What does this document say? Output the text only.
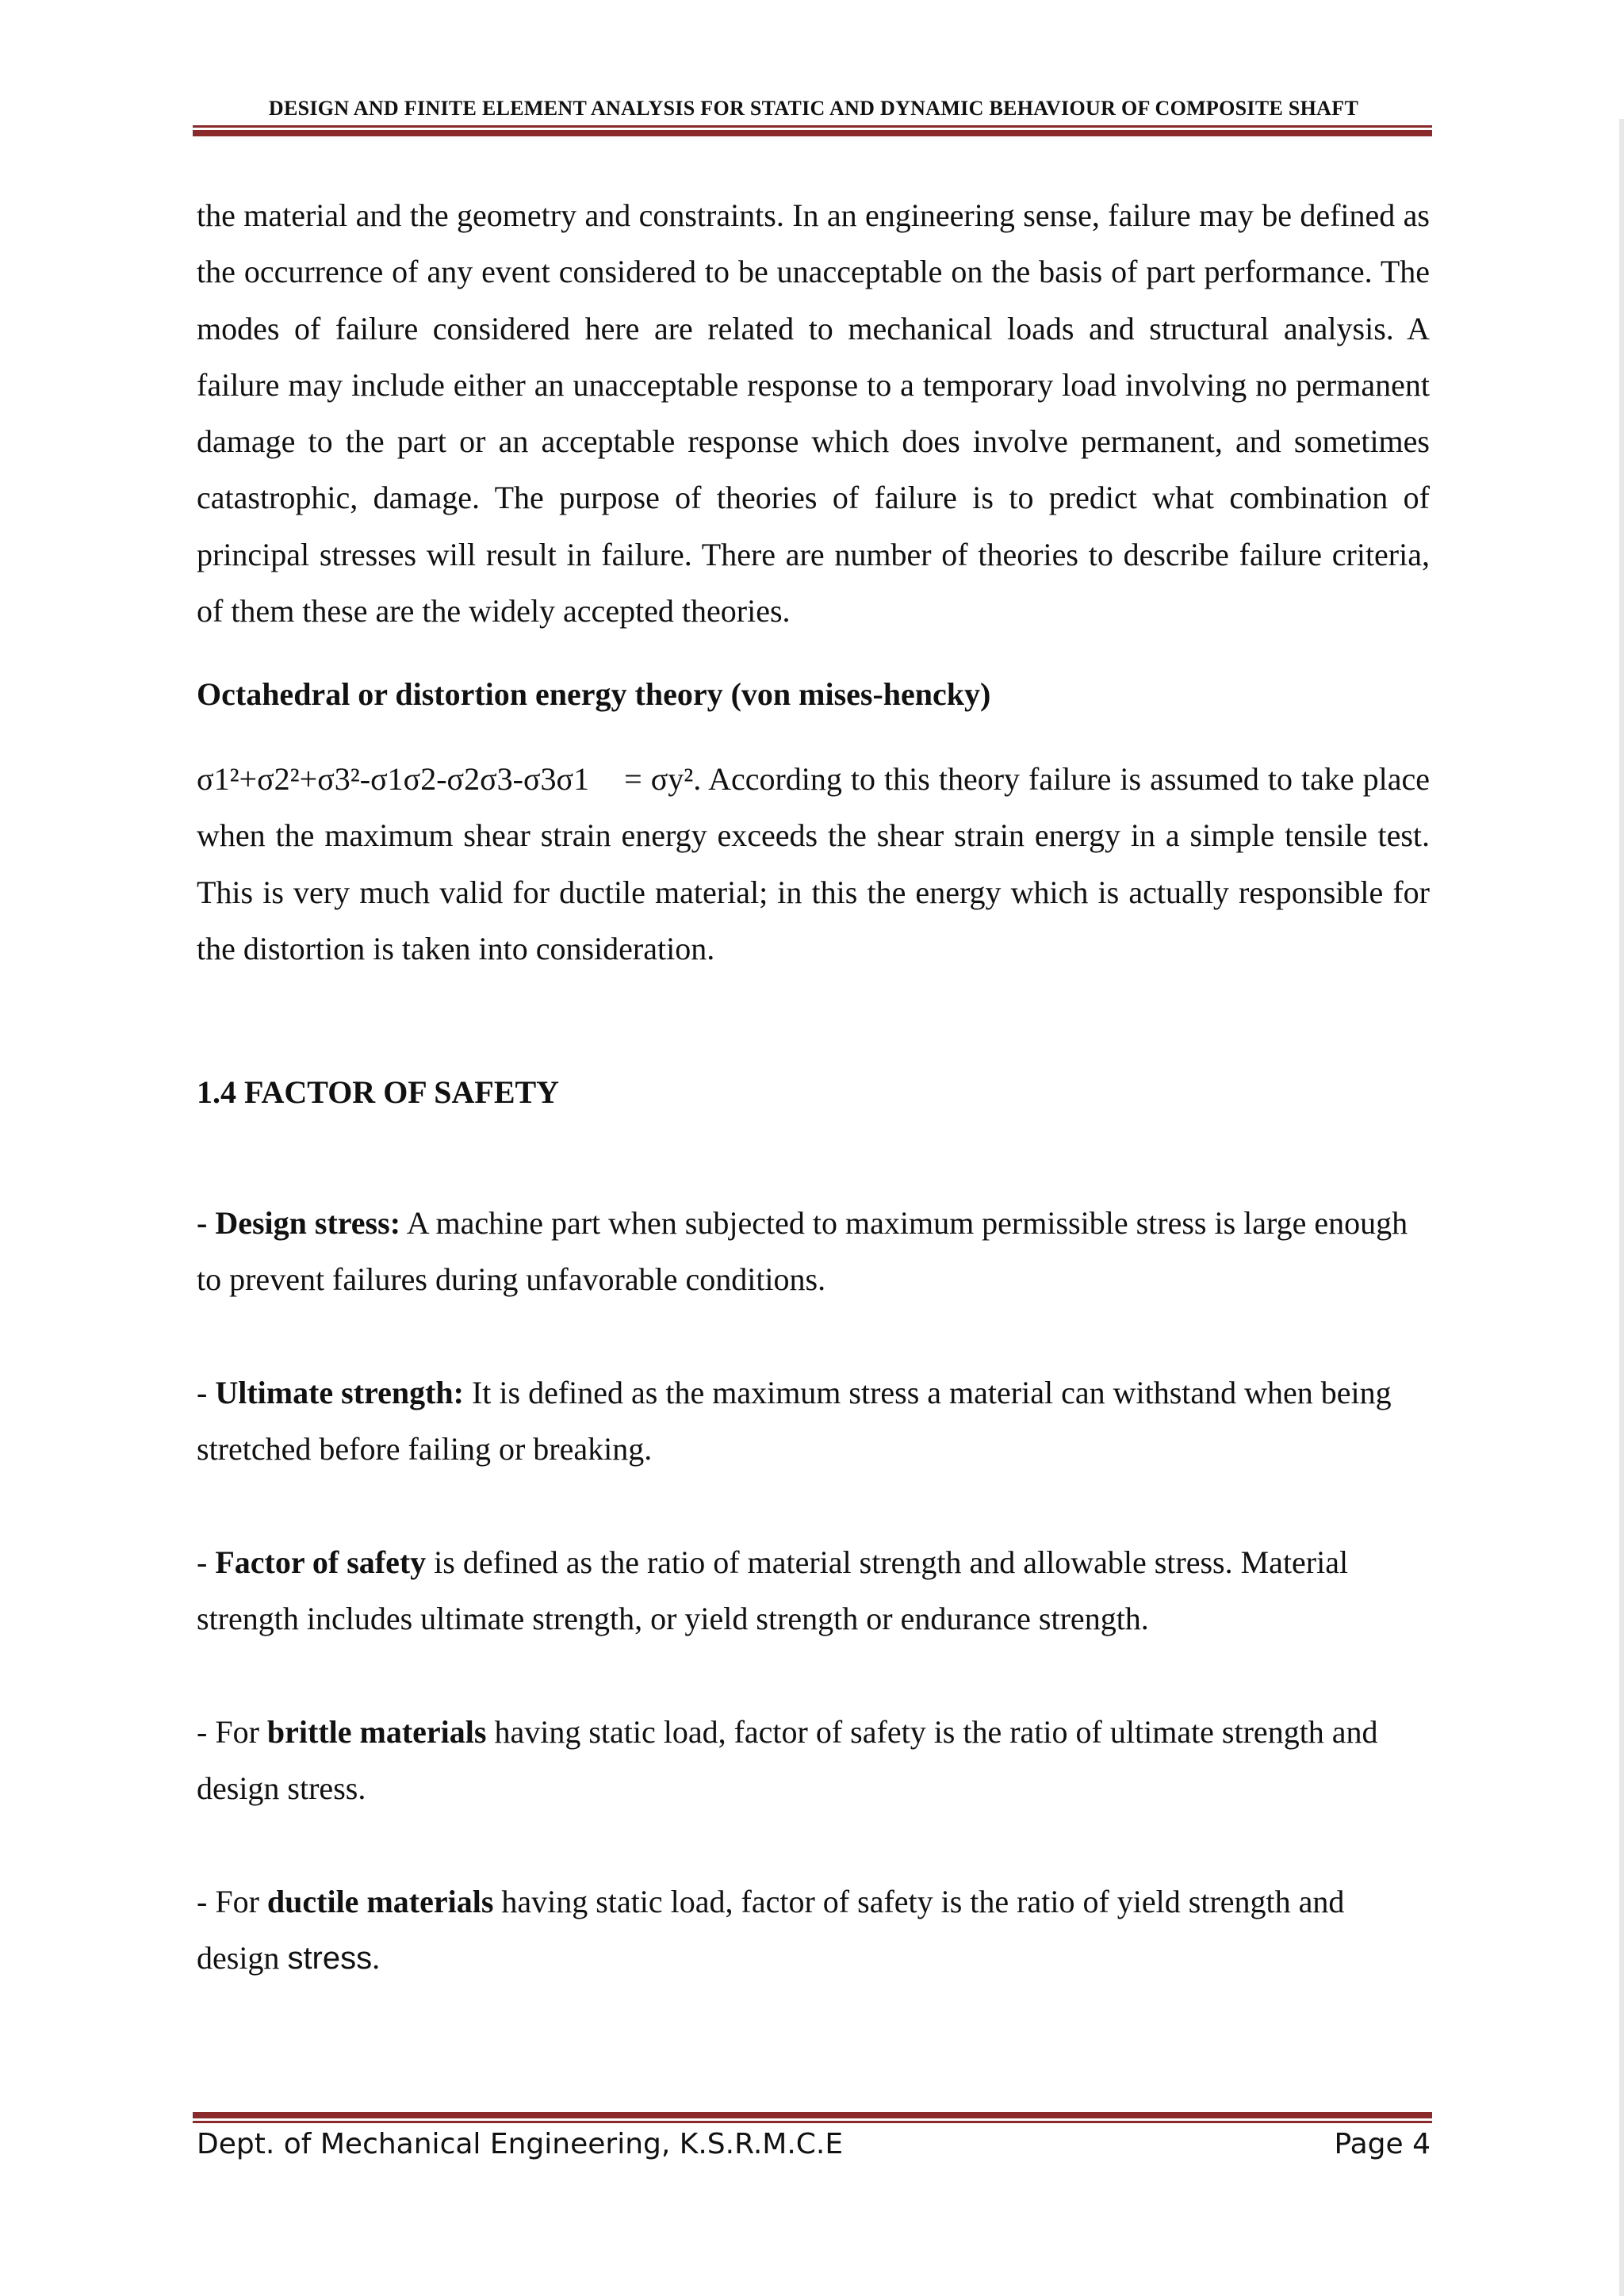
DESIGN AND FINITE ELEMENT ANALYSIS FOR STATIC AND DYNAMIC BEHAVIOUR OF COMPOSITE SHAFT

the material and the geometry and constraints. In an engineering sense, failure may be defined as the occurrence of any event considered to be unacceptable on the basis of part performance. The modes of failure considered here are related to mechanical loads and structural analysis. A failure may include either an unacceptable response to a temporary load involving no permanent damage to the part or an acceptable response which does involve permanent, and sometimes catastrophic, damage. The purpose of theories of failure is to predict what combination of principal stresses will result in failure. There are number of theories to describe failure criteria, of them these are the widely accepted theories.

Octahedral or distortion energy theory (von mises-hencky)

σ1²+σ2²+σ3²-σ1σ2-σ2σ3-σ3σ1    = σy². According to this theory failure is assumed to take place when the maximum shear strain energy exceeds the shear strain energy in a simple tensile test. This is very much valid for ductile material; in this the energy which is actually responsible for the distortion is taken into consideration.

1.4 FACTOR OF SAFETY

- Design stress: A machine part when subjected to maximum permissible stress is large enough to prevent failures during unfavorable conditions.

- Ultimate strength: It is defined as the maximum stress a material can withstand when being stretched before failing or breaking.

- Factor of safety is defined as the ratio of material strength and allowable stress. Material strength includes ultimate strength, or yield strength or endurance strength.

- For brittle materials having static load, factor of safety is the ratio of ultimate strength and design stress.

- For ductile materials having static load, factor of safety is the ratio of yield strength and design stress.

Dept. of Mechanical Engineering, K.S.R.M.C.E	Page 4
